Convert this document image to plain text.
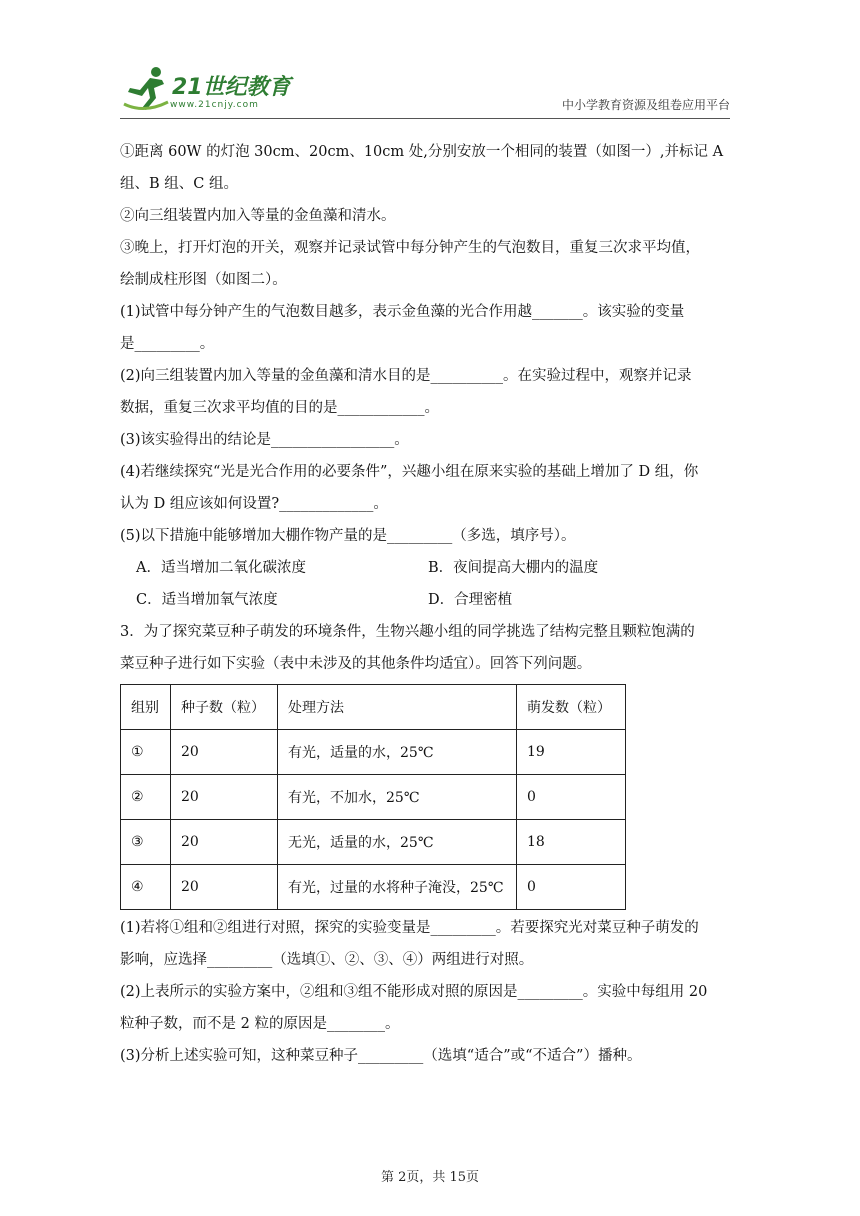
21世纪教育
www.21cnjy.com	中小学教育资源及组卷应用平台

①距离 60W 的灯泡 30cm、20cm、10cm 处,分别安放一个相同的装置（如图一）,并标记 A

组、B 组、C 组。

②向三组装置内加入等量的金鱼藻和清水。

③晚上，打开灯泡的开关，观察并记录试管中每分钟产生的气泡数目，重复三次求平均值，

绘制成柱形图（如图二）。

(1)试管中每分钟产生的气泡数目越多，表示金鱼藻的光合作用越_______。该实验的变量

是_________。

(2)向三组装置内加入等量的金鱼藻和清水目的是__________。在实验过程中，观察并记录

数据，重复三次求平均值的目的是____________。

(3)该实验得出的结论是_________________。

(4)若继续探究“光是光合作用的必要条件”，兴趣小组在原来实验的基础上增加了 D 组，你

认为 D 组应该如何设置?_____________。

(5)以下措施中能够增加大棚作物产量的是_________（多选，填序号）。

A．适当增加二氧化碳浓度	B．夜间提高大棚内的温度
C．适当增加氧气浓度	D．合理密植

3．为了探究菜豆种子萌发的环境条件，生物兴趣小组的同学挑选了结构完整且颗粒饱满的

菜豆种子进行如下实验（表中未涉及的其他条件均适宜）。回答下列问题。

组别	种子数（粒）	处理方法	萌发数（粒）
①	20	有光，适量的水，25℃	19
②	20	有光，不加水，25℃	0
③	20	无光，适量的水，25℃	18
④	20	有光，过量的水将种子淹没，25℃	0

(1)若将①组和②组进行对照，探究的实验变量是_________。若要探究光对菜豆种子萌发的

影响，应选择_________（选填①、②、③、④）两组进行对照。

(2)上表所示的实验方案中，②组和③组不能形成对照的原因是_________。实验中每组用 20

粒种子数，而不是 2 粒的原因是________。

(3)分析上述实验可知，这种菜豆种子_________（选填“适合”或“不适合”）播种。

第 2页，共 15页
